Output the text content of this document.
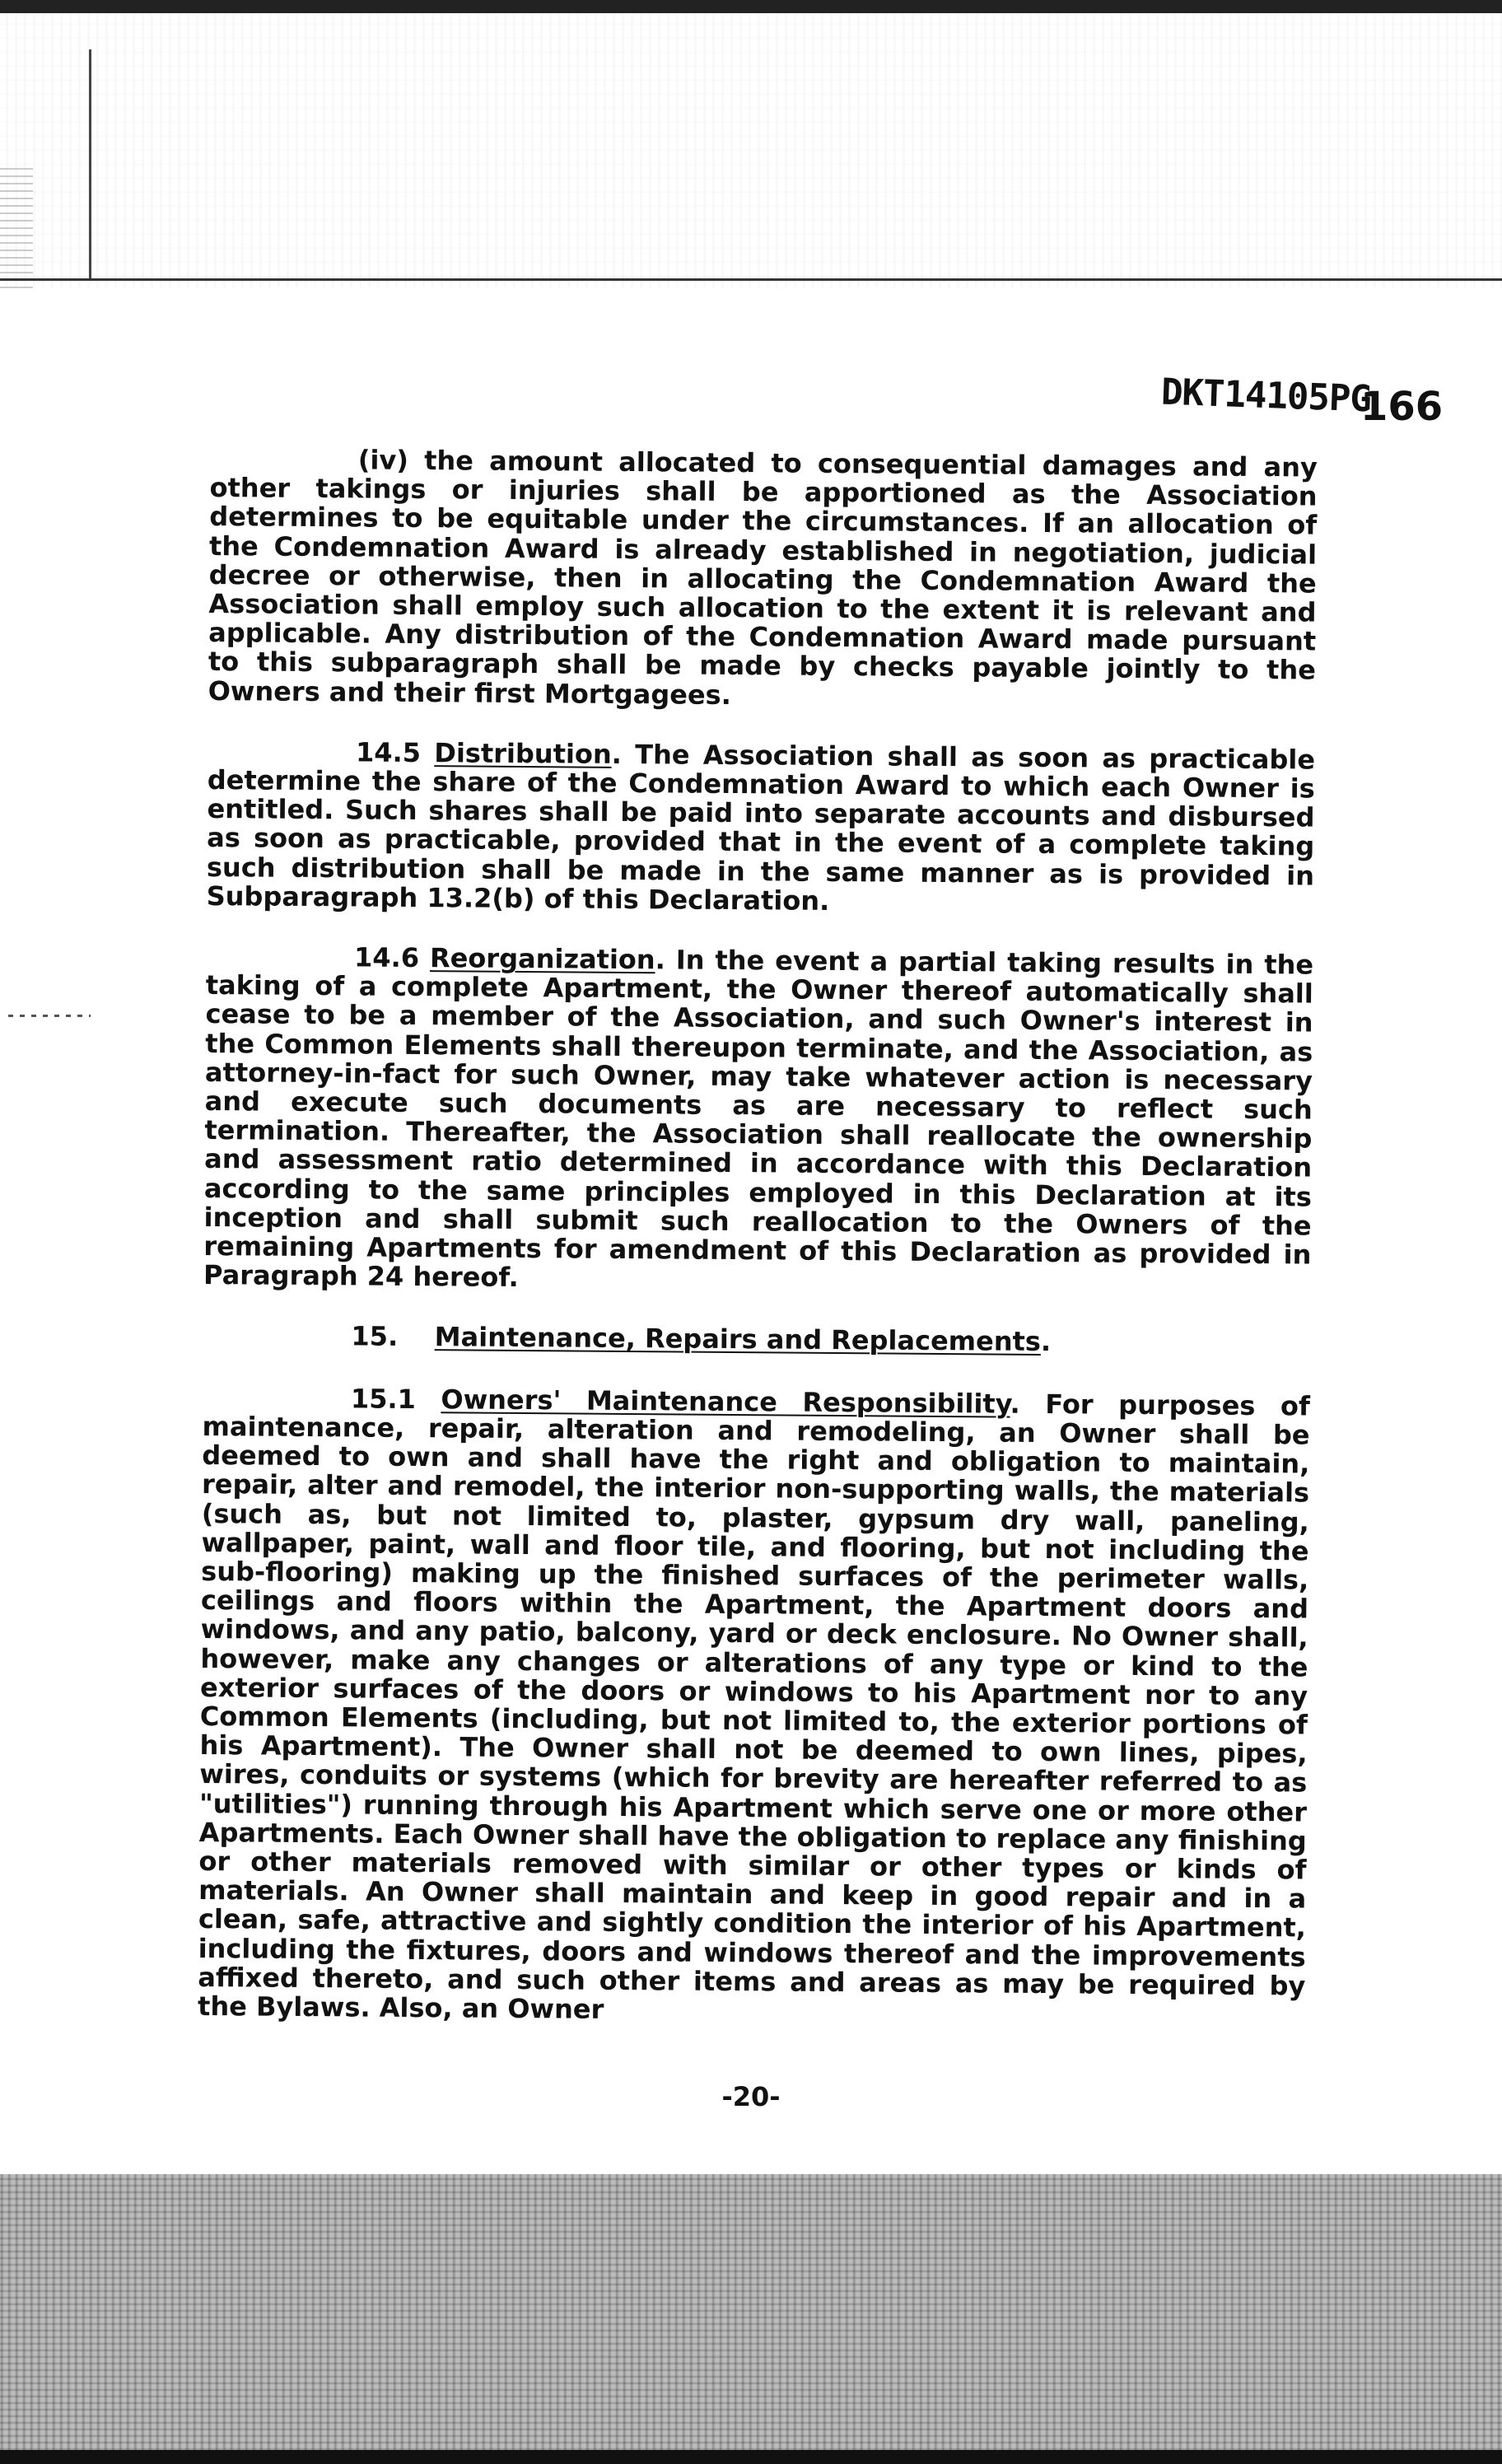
DKT14105PG
166

(iv) the amount allocated to consequential damages and any other takings or injuries shall be apportioned as the Association determines to be equitable under the circumstances. If an allocation of the Condemnation Award is already established in negotiation, judicial decree or otherwise, then in allocating the Condemnation Award the Association shall employ such allocation to the extent it is relevant and applicable. Any distribution of the Condemnation Award made pursuant to this subparagraph shall be made by checks payable jointly to the Owners and their first Mortgagees.

14.5 Distribution. The Association shall as soon as practicable determine the share of the Condemnation Award to which each Owner is entitled. Such shares shall be paid into separate accounts and disbursed as soon as practicable, provided that in the event of a complete taking such distribution shall be made in the same manner as is provided in Subparagraph 13.2(b) of this Declaration.

14.6 Reorganization. In the event a partial taking results in the taking of a complete Apartment, the Owner thereof automatically shall cease to be a member of the Association, and such Owner's interest in the Common Elements shall thereupon terminate, and the Association, as attorney-in-fact for such Owner, may take whatever action is necessary and execute such documents as are necessary to reflect such termination. Thereafter, the Association shall reallocate the ownership and assessment ratio determined in accordance with this Declaration according to the same principles employed in this Declaration at its inception and shall submit such reallocation to the Owners of the remaining Apartments for amendment of this Declaration as provided in Paragraph 24 hereof.

15. Maintenance, Repairs and Replacements.

15.1 Owners' Maintenance Responsibility. For purposes of maintenance, repair, alteration and remodeling, an Owner shall be deemed to own and shall have the right and obligation to maintain, repair, alter and remodel, the interior non-supporting walls, the materials (such as, but not limited to, plaster, gypsum dry wall, paneling, wallpaper, paint, wall and floor tile, and flooring, but not including the sub-flooring) making up the finished surfaces of the perimeter walls, ceilings and floors within the Apartment, the Apartment doors and windows, and any patio, balcony, yard or deck enclosure. No Owner shall, however, make any changes or alterations of any type or kind to the exterior surfaces of the doors or windows to his Apartment nor to any Common Elements (including, but not limited to, the exterior portions of his Apartment). The Owner shall not be deemed to own lines, pipes, wires, conduits or systems (which for brevity are hereafter referred to as "utilities") running through his Apartment which serve one or more other Apartments. Each Owner shall have the obligation to replace any finishing or other materials removed with similar or other types or kinds of materials. An Owner shall maintain and keep in good repair and in a clean, safe, attractive and sightly condition the interior of his Apartment, including the fixtures, doors and windows thereof and the improvements affixed thereto, and such other items and areas as may be required by the Bylaws. Also, an Owner

-20-
